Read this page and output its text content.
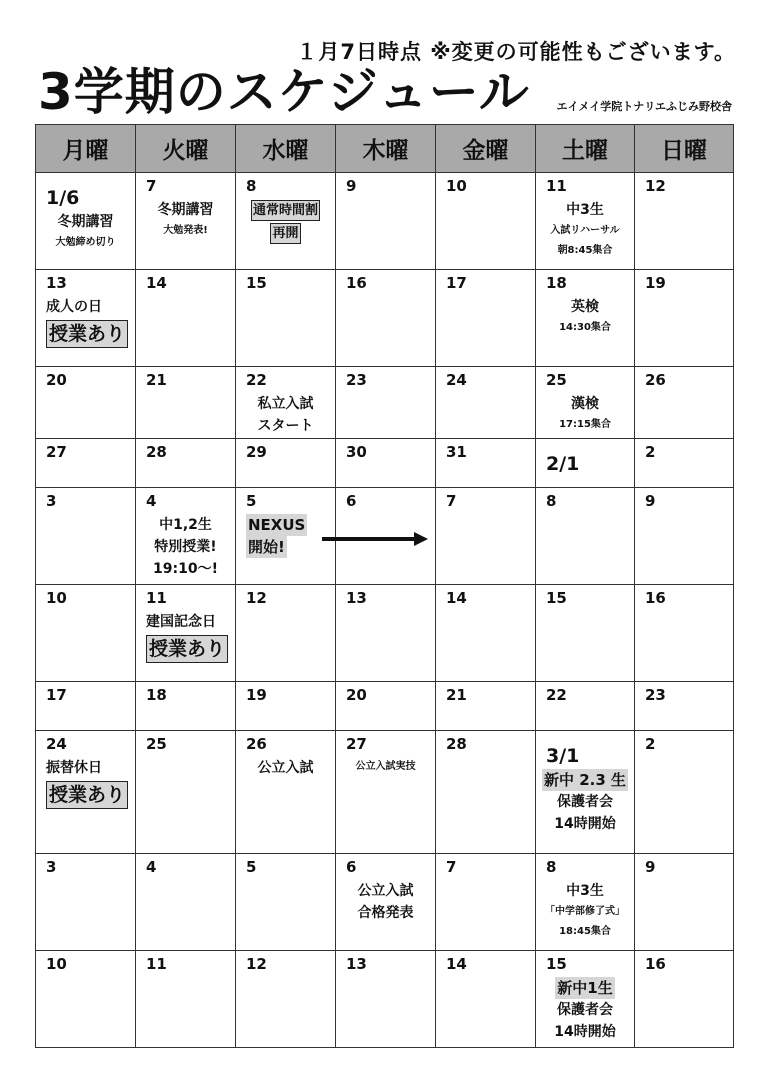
１月7日時点 ※変更の可能性もございます。
3学期のスケジュール エイメイ学院トナリエふじみ野校舎
月曜	火曜	水曜	木曜	金曜	土曜	日曜

1/6
冬期講習
大勉締め切り	7
冬期講習
大勉発表!	8
通常時間割
再開	9	10	11
中3生
入試リハーサル
朝8:45集合	12

13
成人の日
授業あり	14	15	16	17	18
英検
14:30集合	19

20	21	22
私立入試
スタート	23	24	25
漢検
17:15集合	26

27	28	29	30	31	2/1	2

3	4
中1,2生
特別授業!
19:10～!	5
NEXUS
開始!	6	7	8	9

10	11
建国記念日
授業あり	12	13	14	15	16

17	18	19	20	21	22	23

24
振替休日
授業あり	25	26
公立入試	27
公立入試実技	28	3/1
新中 2.3 生
保護者会
14時開始	2

3	4	5	6
公立入試
合格発表	7	8
中3生
「中学部修了式」
18:45集合	9

10	11	12	13	14	15
新中1生
保護者会
14時開始	16
